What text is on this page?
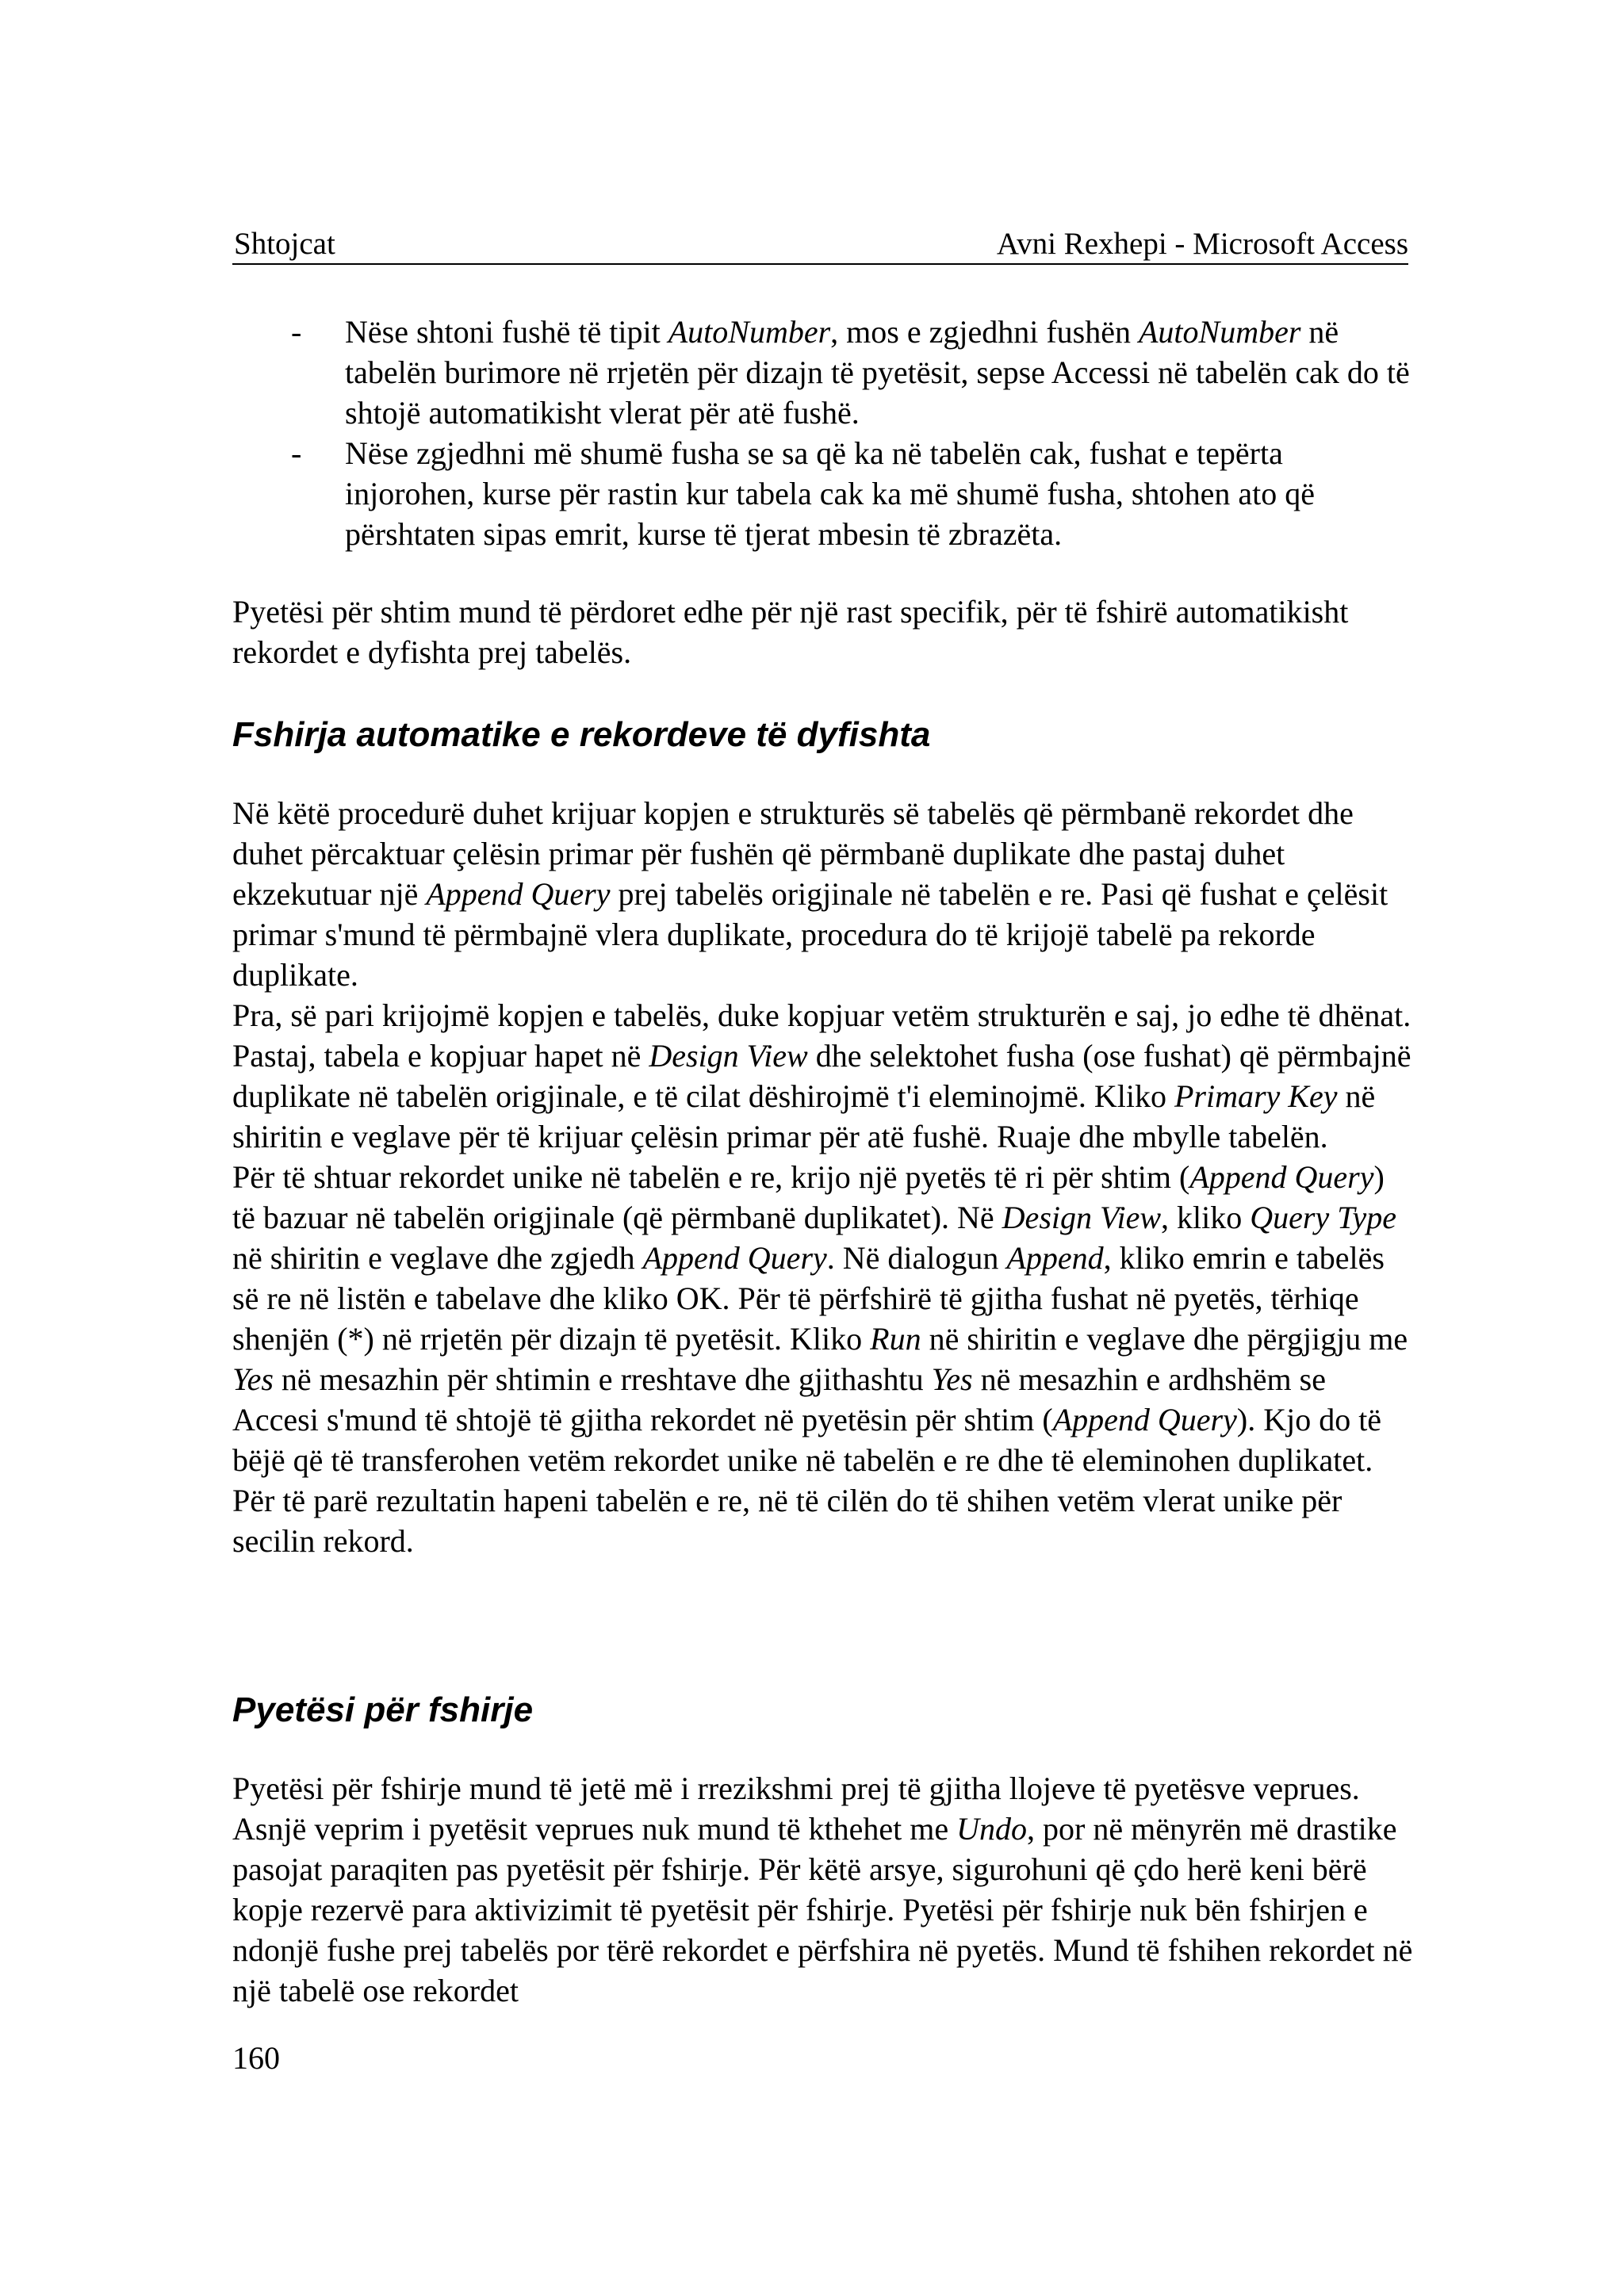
Shtojcat	Avni Rexhepi - Microsoft Access
- Nëse shtoni fushë të tipit AutoNumber, mos e zgjedhni fushën AutoNumber në tabelën burimore në rrjetën për dizajn të pyetësit, sepse Accessi në tabelën cak do të shtojë automatikisht vlerat për atë fushë.
- Nëse zgjedhni më shumë fusha se sa që ka në tabelën cak, fushat e tepërta injorohen, kurse për rastin kur tabela cak ka më shumë fusha, shtohen ato që përshtaten sipas emrit, kurse të tjerat mbesin të zbrazëta.

Pyetësi për shtim mund të përdoret edhe për një rast specifik, për të fshirë automatikisht rekordet e dyfishta prej tabelës.

Fshirja automatike e rekordeve të dyfishta

Në këtë procedurë duhet krijuar kopjen e strukturës së tabelës që përmbanë rekordet dhe duhet përcaktuar çelësin primar për fushën që përmbanë duplikate dhe pastaj duhet ekzekutuar një Append Query prej tabelës origjinale në tabelën e re. Pasi që fushat e çelësit primar s'mund të përmbajnë vlera duplikate, procedura do të krijojë tabelë pa rekorde duplikate.

Pra, së pari krijojmë kopjen e tabelës, duke kopjuar vetëm strukturën e saj, jo edhe të dhënat. Pastaj, tabela e kopjuar hapet në Design View dhe selektohet fusha (ose fushat) që përmbajnë duplikate në tabelën origjinale, e të cilat dëshirojmë t'i eleminojmë. Kliko Primary Key në shiritin e veglave për të krijuar çelësin primar për atë fushë. Ruaje dhe mbylle tabelën.

Për të shtuar rekordet unike në tabelën e re, krijo një pyetës të ri për shtim (Append Query) të bazuar në tabelën origjinale (që përmbanë duplikatet). Në Design View, kliko Query Type në shiritin e veglave dhe zgjedh Append Query. Në dialogun Append, kliko emrin e tabelës së re në listën e tabelave dhe kliko OK. Për të përfshirë të gjitha fushat në pyetës, tërhiqe shenjën (*) në rrjetën për dizajn të pyetësit. Kliko Run në shiritin e veglave dhe përgjigju me Yes në mesazhin për shtimin e rreshtave dhe gjithashtu Yes në mesazhin e ardhshëm se Accesi s'mund të shtojë të gjitha rekordet në pyetësin për shtim (Append Query). Kjo do të bëjë që të transferohen vetëm rekordet unike në tabelën e re dhe të eleminohen duplikatet. Për të parë rezultatin hapeni tabelën e re, në të cilën do të shihen vetëm vlerat unike për secilin rekord.

Pyetësi për fshirje

Pyetësi për fshirje mund të jetë më i rrezikshmi prej të gjitha llojeve të pyetësve veprues. Asnjë veprim i pyetësit veprues nuk mund të kthehet me Undo, por në mënyrën më drastike pasojat paraqiten pas pyetësit për fshirje. Për këtë arsye, sigurohuni që çdo herë keni bërë kopje rezervë para aktivizimit të pyetësit për fshirje. Pyetësi për fshirje nuk bën fshirjen e ndonjë fushe prej tabelës por tërë rekordet e përfshira në pyetës. Mund të fshihen rekordet në një tabelë ose rekordet

160
